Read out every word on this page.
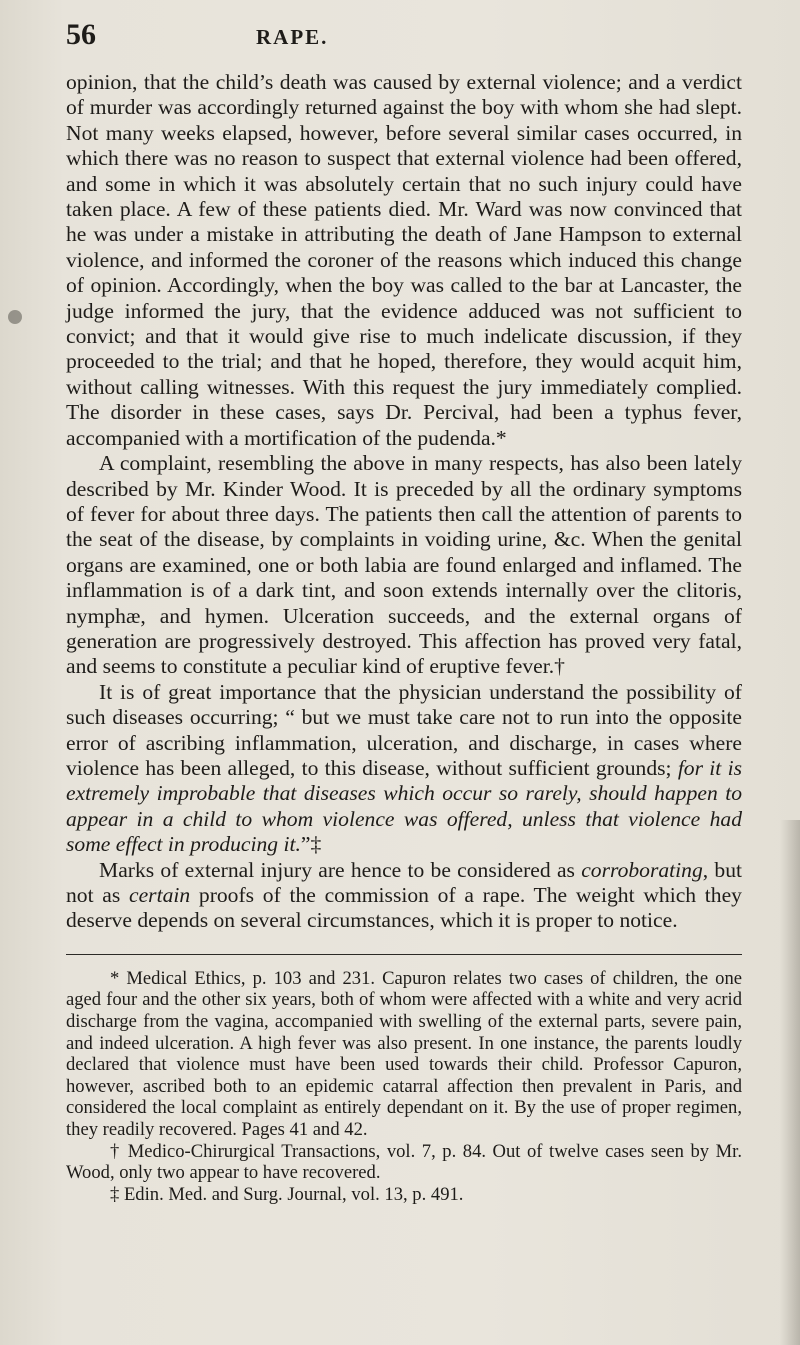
56	RAPE.

opinion, that the child’s death was caused by external violence; and a verdict of murder was accordingly returned against the boy with whom she had slept. Not many weeks elapsed, however, before several similar cases occurred, in which there was no reason to suspect that external violence had been offered, and some in which it was absolutely certain that no such injury could have taken place. A few of these patients died. Mr. Ward was now convinced that he was under a mistake in attributing the death of Jane Hampson to external violence, and informed the coroner of the reasons which induced this change of opinion. Accordingly, when the boy was called to the bar at Lancaster, the judge informed the jury, that the evidence adduced was not sufficient to convict; and that it would give rise to much indelicate discussion, if they proceeded to the trial; and that he hoped, therefore, they would acquit him, without calling witnesses. With this request the jury immediately complied. The disorder in these cases, says Dr. Percival, had been a typhus fever, accompanied with a mortification of the pudenda.*

A complaint, resembling the above in many respects, has also been lately described by Mr. Kinder Wood. It is preceded by all the ordinary symptoms of fever for about three days. The patients then call the attention of parents to the seat of the disease, by complaints in voiding urine, &c. When the genital organs are examined, one or both labia are found enlarged and inflamed. The inflammation is of a dark tint, and soon extends internally over the clitoris, nymphæ, and hymen. Ulceration succeeds, and the external organs of generation are progressively destroyed. This affection has proved very fatal, and seems to constitute a peculiar kind of eruptive fever.†

It is of great importance that the physician understand the possibility of such diseases occurring; “ but we must take care not to run into the opposite error of ascribing inflammation, ulceration, and discharge, in cases where violence has been alleged, to this disease, without sufficient grounds; for it is extremely improbable that diseases which occur so rarely, should happen to appear in a child to whom violence was offered, unless that violence had some effect in producing it.”‡

Marks of external injury are hence to be considered as corroborating, but not as certain proofs of the commission of a rape. The weight which they deserve depends on several circumstances, which it is proper to notice.

* Medical Ethics, p. 103 and 231. Capuron relates two cases of children, the one aged four and the other six years, both of whom were affected with a white and very acrid discharge from the vagina, accompanied with swelling of the external parts, severe pain, and indeed ulceration. A high fever was also present. In one instance, the parents loudly declared that violence must have been used towards their child. Professor Capuron, however, ascribed both to an epidemic catarral affection then prevalent in Paris, and considered the local complaint as entirely dependant on it. By the use of proper regimen, they readily recovered. Pages 41 and 42.

† Medico-Chirurgical Transactions, vol. 7, p. 84. Out of twelve cases seen by Mr. Wood, only two appear to have recovered.

‡ Edin. Med. and Surg. Journal, vol. 13, p. 491.
